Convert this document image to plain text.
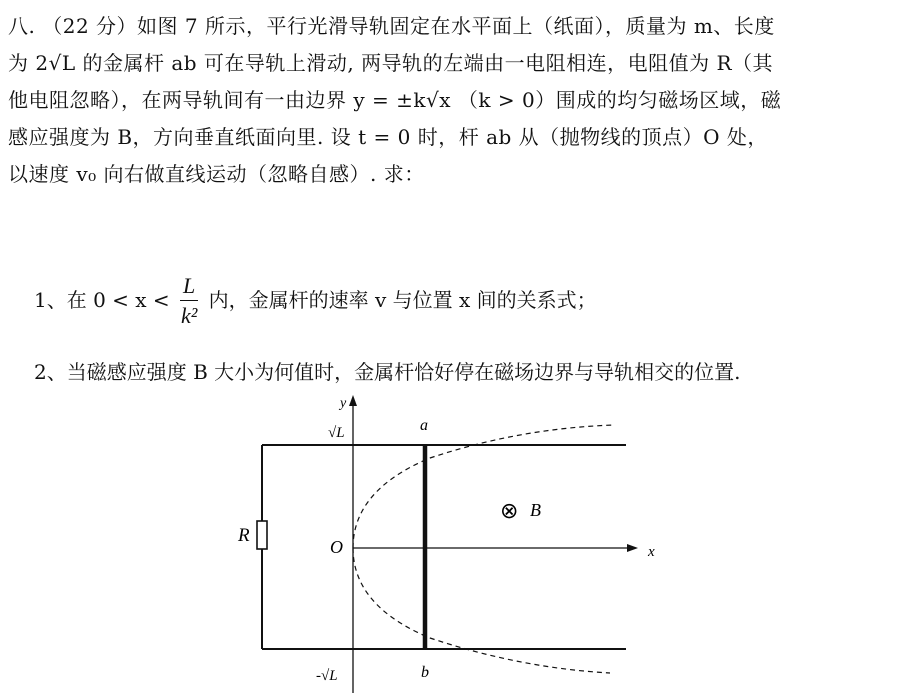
八. （22 分）如图 7 所示，平行光滑导轨固定在水平面上（纸面），质量为 m、长度
为 2√L 的金属杆 ab 可在导轨上滑动, 两导轨的左端由一电阻相连，电阻值为 R（其
他电阻忽略），在两导轨间有一由边界 y = ±k√x （k > 0）围成的均匀磁场区域，磁
感应强度为 B，方向垂直纸面向里. 设 t = 0 时，杆 ab 从（抛物线的顶点）O 处，
以速度 v₀ 向右做直线运动（忽略自感）. 求：
1、在 $0 < x < \frac{L}{\text{k²}}$ 内，金属杆的速率 v 与位置 x 间的关系式；
2、当磁感应强度 B 大小为何值时，金属杆恰好停在磁场边界与导轨相交的位置.
R
y
x
O
√L
-√L
a
b
⊗ B
